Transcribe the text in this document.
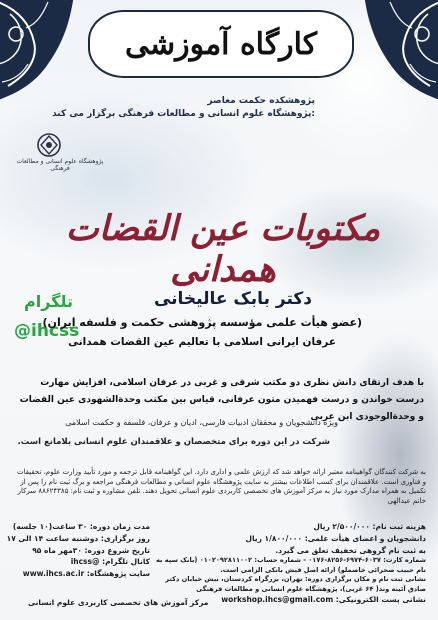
کارگاه آموزشی
پژوهشکده حکمت معاصر
پژوهشگاه علوم انسانی و مطالعات فرهنگی برگزار می کند:
پژوهشگاه علوم انسانی و مطالعات فرهنگی
مکتوبات عین القضات همدانی
تلگرام
@ihcss
دکتر بابک عالیخانی
(عضو هیأت علمی مؤسسه پژوهشی حکمت و فلسفه ایران)
عرفان ایرانی اسلامی با تعالیم عین القضات همدانی
با هدف ارتقای دانش نظری دو مکتب شرقی و غربی در عرفان اسلامی، افزایش مهارت درست خواندن و درست فهمیدن متون عرفانی، قیاس بین مکتب وحدةالشهودی عین القضات و وحدةالوجودی ابن عربی
ویژه دانشجویان و محققان ادبیات فارسی، ادیان و عرفان، فلسفه و حکمت اسلامی
شرکت در این دوره برای متخصصان و علاقمندان علوم انسانی بلامانع است.
به شرکت کنندگان گواهینامه معتبر ارائه خواهد شد که ارزش علمی و اداری دارد. این گواهینامه قابل ترجمه و مورد تأیید وزارت علوم، تحقیقات و فناوری است. علاقمندان برای کسب اطلاعات بیشتر به سایت پژوهشگاه علوم انسانی و مطالعات فرهنگی مراجعه و برگ ثبت نام را پس از تکمیل به همراه مدارک مورد نیاز به مرکز آموزش های تخصصی کاربردی علوم انسانی تحویل دهند. تلفن مشاوره و ثبت نام: ۸۸۶۲۴۳۸۵ سرکار خانم عبدالهی
مدت زمان دوره: ۳۰ ساعت(۱۰ جلسه)
روز برگزاری: دوشنبه ساعت ۱۴ الی ۱۷
تاریخ شروع دوره: ۳۰مهر ماه ۹۵
کانال تلگرام: @ihcss
سایت پژوهشگاه: www.ihcs.ac.ir
هزینه ثبت نام: ۲/۵۰۰/۰۰۰ ریال
دانشجویان و اعضای هیأت علمی: ۱/۸۰۰/۰۰۰ ریال
به ثبت نام گروهی تخفیف تعلق می گیرد.
شماره کارت: ۶۰۳۷-۶۹۷۴-۸۲۵۶-۰۱۷۶ - شماره حساب: ۰۱۰۲۰۹۲۸۱۱۰۰۲ (بانک سپه به نام حبیب صحرائی خاصملو) ارائه اصل فیش بانکی الزامی است.
نشانی ثبت نام و مکان برگزاری دوره: تهران، بزرگراه کردستان، نبش خیابان دکتر صادق آئینه وند( ۶۴ غربی)، پژوهشگاه علوم انسانی و مطالعات فرهنگی
نشانی پست الکترونیکی: workshop.ihcs@gmail.com
مرکز آموزش های تخصصی کاربردی علوم انسانی
